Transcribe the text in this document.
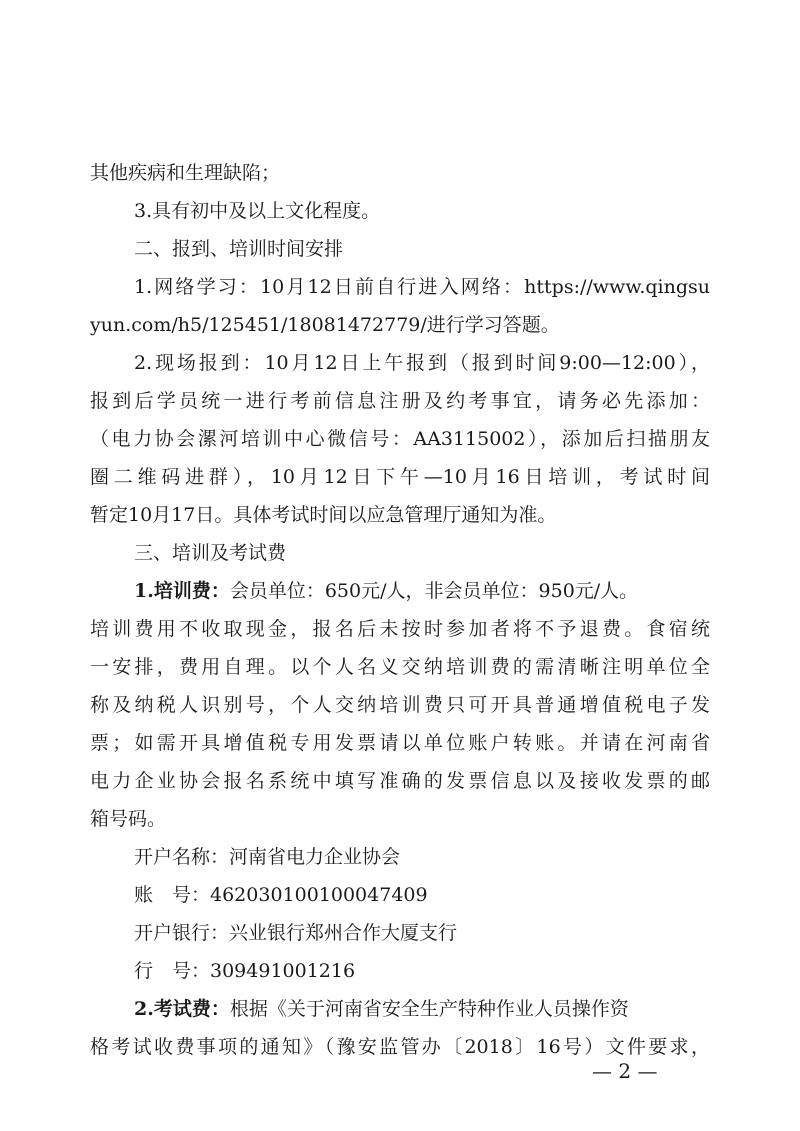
其他疾病和生理缺陷；
3.具有初中及以上文化程度。
二、报到、培训时间安排
1.网络学习：10月12日前自行进入网络：https://www.qingsu
yun.com/h5/125451/18081472779/进行学习答题。
2.现场报到：10月12日上午报到（报到时间9:00—12:00），
报到后学员统一进行考前信息注册及约考事宜，请务必先添加：
（电力协会漯河培训中心微信号：AA3115002），添加后扫描朋友
圈二维码进群），10月12日下午—10月16日培训，考试时间
暂定10月17日。具体考试时间以应急管理厅通知为准。
三、培训及考试费
1.培训费：会员单位：650元/人，非会员单位：950元/人。
培训费用不收取现金，报名后未按时参加者将不予退费。食宿统
一安排，费用自理。以个人名义交纳培训费的需清晰注明单位全
称及纳税人识别号，个人交纳培训费只可开具普通增值税电子发
票；如需开具增值税专用发票请以单位账户转账。并请在河南省
电力企业协会报名系统中填写准确的发票信息以及接收发票的邮
箱号码。
开户名称：河南省电力企业协会
账　号：462030100100047409
开户银行：兴业银行郑州合作大厦支行
行　号：309491001216
2.考试费：根据《关于河南省安全生产特种作业人员操作资
格考试收费事项的通知》（豫安监管办〔2018〕16号）文件要求，
— 2 —
